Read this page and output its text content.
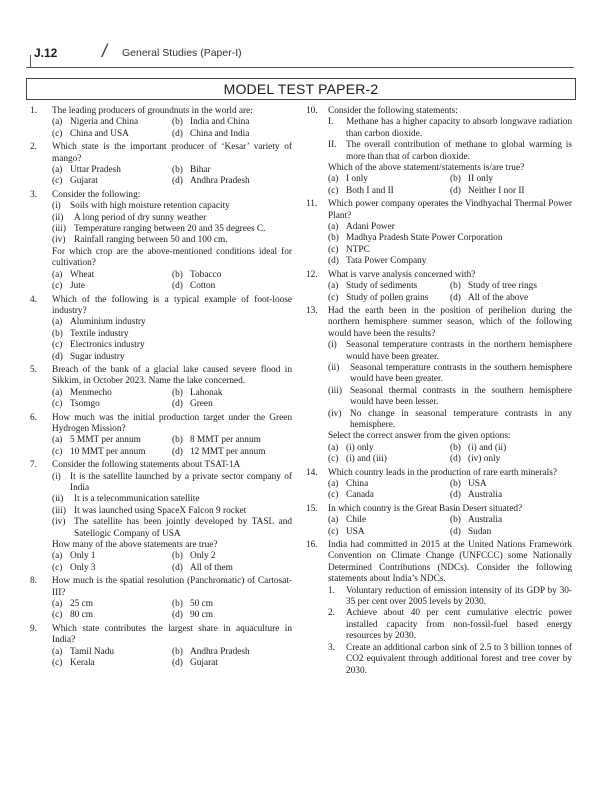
J.12 / General Studies (Paper-I)
MODEL TEST PAPER-2
1. The leading producers of groundnuts in the world are:
(a) Nigeria and China	(b) India and China
(c) China and USA	(d) China and India
2. Which state is the important producer of ‘Kesar’ variety of mango?
(a) Uttar Pradesh	(b) Bihar
(c) Gujarat	(d) Andhra Pradesh
3. Consider the following:
(i) Soils with high moisture retention capacity
(ii) A long period of dry sunny weather
(iii) Temperature ranging between 20 and 35 degrees C.
(iv) Rainfall ranging between 50 and 100 cm.
For which crop are the above-mentioned conditions ideal for cultivation?
(a) Wheat	(b) Tobacco
(c) Jute	(d) Cotton
4. Which of the following is a typical example of foot-loose industry?
(a) Aluminium industry
(b) Textile industry
(c) Electronics industry
(d) Sugar industry
5. Breach of the bank of a glacial lake caused severe flood in Sikkim, in October 2023. Name the lake concerned.
(a) Menmecho	(b) Lahonak
(c) Tsomgo	(d) Green
6. How much was the initial production target under the Green Hydrogen Mission?
(a) 5 MMT per annum	(b) 8 MMT per annum
(c) 10 MMT per annum	(d) 12 MMT per annum
7. Consider the following statements about TSAT-1A
(i) It is the satellite launched by a private sector company of India
(ii) It is a telecommunication satellite
(iii) It was launched using SpaceX Falcon 9 rocket
(iv) The satellite has been jointly developed by TASL and Satellogic Company of USA
How many of the above statements are true?
(a) Only 1	(b) Only 2
(c) Only 3	(d) All of them
8. How much is the spatial resolution (Panchromatic) of Cartosat-III?
(a) 25 cm	(b) 50 cm
(c) 80 cm	(d) 90 cm
9. Which state contributes the largest share in aquaculture in India?
(a) Tamil Nadu	(b) Andhra Pradesh
(c) Kerala	(d) Gujarat
10. Consider the following statements:
I. Methane has a higher capacity to absorb longwave radiation than carbon dioxide.
II. The overall contribution of methane to global warming is more than that of carbon dioxide.
Which of the above statement/statements is/are true?
(a) I only	(b) II only
(c) Both I and II	(d) Neither I nor II
11. Which power company operates the Vindhyachal Thermal Power Plant?
(a) Adani Power
(b) Madhya Pradesh State Power Corporation
(c) NTPC
(d) Tata Power Company
12. What is varve analysis concerned with?
(a) Study of sediments	(b) Study of tree rings
(c) Study of pollen grains (d) All of the above
13. Had the earth been in the position of perihelion during the northern hemisphere summer season, which of the following would have been the results?
(i) Seasonal temperature contrasts in the northern hemisphere would have been greater.
(ii) Seasonal temperature contrasts in the southern hemisphere would have been greater.
(iii) Seasonal thermal contrasts in the southern hemisphere would have been lesser.
(iv) No change in seasonal temperature contrasts in any hemisphere.
Select the correct answer from the given options:
(a) (i) only	(b) (i) and (ii)
(c) (i) and (iii)	(d) (iv) only
14. Which country leads in the production of rare earth minerals?
(a) China	(b) USA
(c) Canada	(d) Australia
15. In which country is the Great Basin Desert situated?
(a) Chile	(b) Australia
(c) USA	(d) Sudan
16. India had committed in 2015 at the United Nations Framework Convention on Climate Change (UNFCCC) some Nationally Determined Contributions (NDCs). Consider the following statements about India’s NDCs.
1. Voluntary reduction of emission intensity of its GDP by 30-35 per cent over 2005 levels by 2030.
2. Achieve about 40 per cent cumulative electric power installed capacity from non-fossil-fuel based energy resources by 2030.
3. Create an additional carbon sink of 2.5 to 3 billion tonnes of CO2 equivalent through additional forest and tree cover by 2030.
